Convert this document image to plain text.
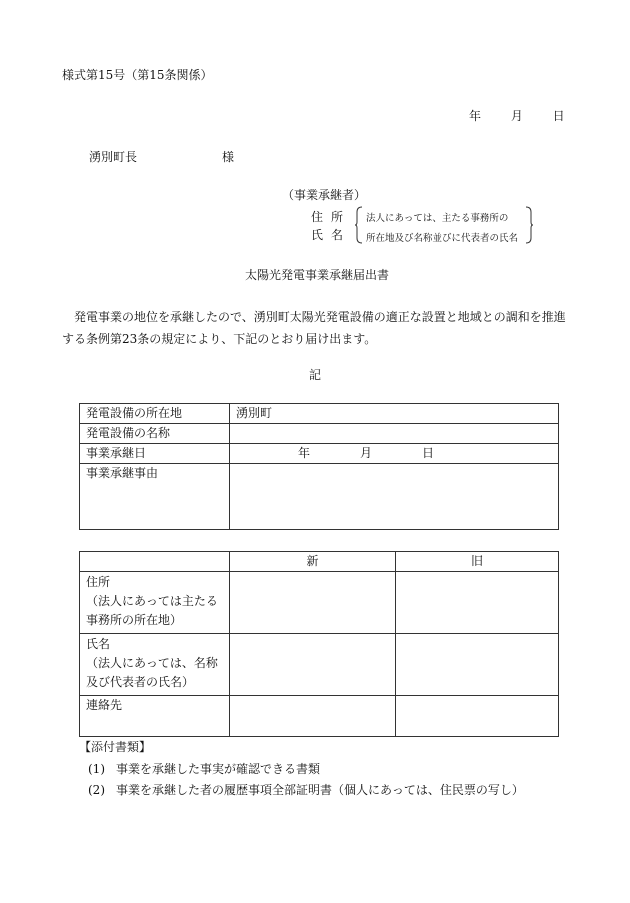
様式第15号（第15条関係）
年 月 日
湧別町長	様
（事業承継者）
住所
氏名
法人にあっては、主たる事務所の
所在地及び名称並びに代表者の氏名
太陽光発電事業承継届出書
発電事業の地位を承継したので、湧別町太陽光発電設備の適正な設置と地域との調和を推進する条例第23条の規定により、下記のとおり届け出ます。
記
発電設備の所在地	湧別町
発電設備の名称	
事業承継日	年 月 日
事業承継事由	
	新	旧

住所
（法人にあっては主たる
事務所の所在地）		

氏名
（法人にあっては、名称
及び代表者の氏名）		

連絡先		
【添付書類】
(1) 事業を承継した事実が確認できる書類
(2) 事業を承継した者の履歴事項全部証明書（個人にあっては、住民票の写し）
